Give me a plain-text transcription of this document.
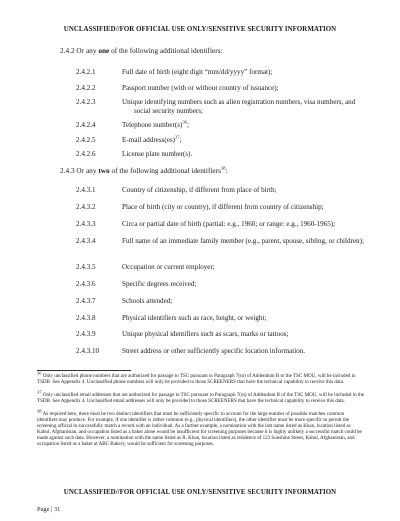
UNCLASSIFIED//FOR OFFICIAL USE ONLY/SENSITIVE SECURITY INFORMATION
2.4.2 Or any one of the following additional identifiers:
2.4.2.1	Full date of birth (eight digit “mm/dd/yyyy” format);
2.4.2.2	Passport number (with or without country of issuance);
2.4.2.3	Unique identifying numbers such as alien registration numbers, visa numbers, and social security numbers;
2.4.2.4	Telephone $number(s)^{36}$;
2.4.2.5	E-mail address(es)$^{37}$;
2.4.2.6	License plate number(s).
2.4.3 Or any two of the following additional identifiers$^{38}$:
2.4.3.1	Country of citizenship, if different from place of birth;
2.4.3.2	Place of birth (city or country), if different from country of citizenship;
2.4.3.3	Circa or partial date of birth (partial: e.g., 1960; or range: e.g., 1960-1965);
2.4.3.4	Full name of an immediate family member (e.g., parent, spouse, sibling, or children);
2.4.3.5	Occupation or current employer;
2.4.3.6	Specific degrees received;
2.4.3.7	Schools attended;
2.4.3.8	Physical identifiers such as race, height, or weight;
2.4.3.9	Unique physical identifiers such as scars, marks or tattoos;
2.4.3.10	Street address or other sufficiently specific location information.
$^{36}$ Only unclassified phone numbers that are authorized for passage to TSC pursuant to Paragraph 7(m) of Addendum B to the TSC MOU, will be included in TSDB. See Appendix 4. Unclassified phone numbers will only be provided to those SCREENERS that have the technical capability to receive this data.
$^{37}$ Only unclassified email addresses that are authorized for passage to TSC pursuant to Paragraph 7(m) of Addendum B of the TSC MOU, will be included in the TSDB. See Appendix 4. Unclassified email addresses will only be provided to those SCREENERS that have the technical capability to receive this data.
$^{38}$ As required here, there must be two distinct identifiers that must be sufficiently specific to account for the large number of possible matches common identifiers may produce. For example, if one identifier is rather common (e.g., physical identifiers), the other identifier must be more specific to permit the screening official to successfully match a record with an individual. As a further example, a nomination with the last name listed as Khan, location listed as Kabul, Afghanistan, and occupation listed as a baker alone would be insufficient for screening purposes because it is highly unlikely a successful match could be made against such data. However, a nomination with the name listed as R. Khan, location listed as residence of 123 Sunshine Street, Kabul, Afghanistan, and occupation listed as a baker at ABC Bakery, would be sufficient for screening purposes.
UNCLASSIFIED//FOR OFFICIAL USE ONLY/SENSITIVE SECURITY INFORMATION
Page | 31
